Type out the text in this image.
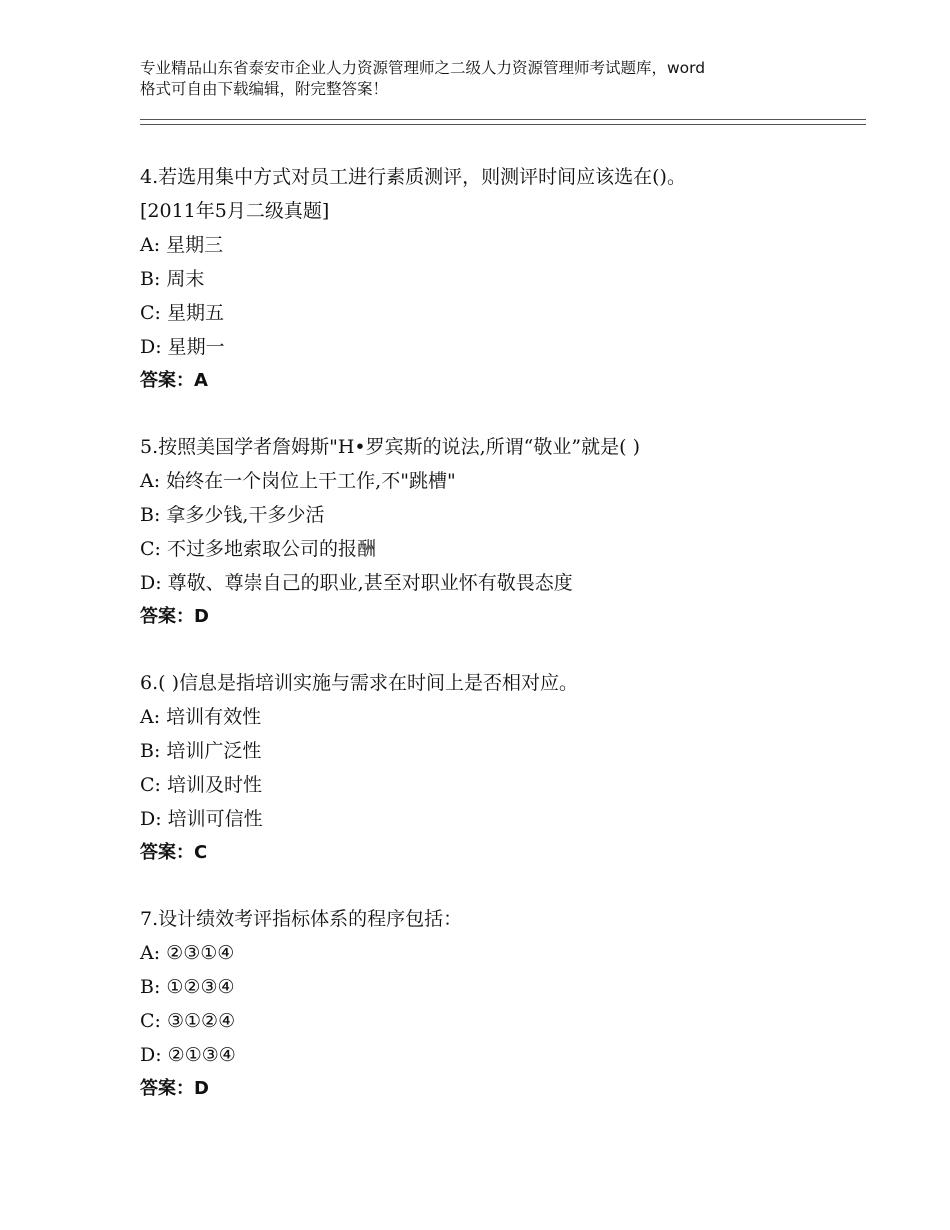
专业精品山东省泰安市企业人力资源管理师之二级人力资源管理师考试题库，word
格式可自由下载编辑，附完整答案！
4.若选用集中方式对员工进行素质测评，则测评时间应该选在()。
[2011年5月二级真题]
A: 星期三
B: 周末
C: 星期五
D: 星期一
答案：A
5.按照美国学者詹姆斯"H•罗宾斯的说法,所谓“敬业”就是( )
A: 始终在一个岗位上干工作,不"跳槽"
B: 拿多少钱,干多少活
C: 不过多地索取公司的报酬
D: 尊敬、尊崇自己的职业,甚至对职业怀有敬畏态度
答案：D
6.( )信息是指培训实施与需求在时间上是否相对应。
A: 培训有效性
B: 培训广泛性
C: 培训及时性
D: 培训可信性
答案：C
7.设计绩效考评指标体系的程序包括：
A: ②③①④
B: ①②③④
C: ③①②④
D: ②①③④
答案：D
